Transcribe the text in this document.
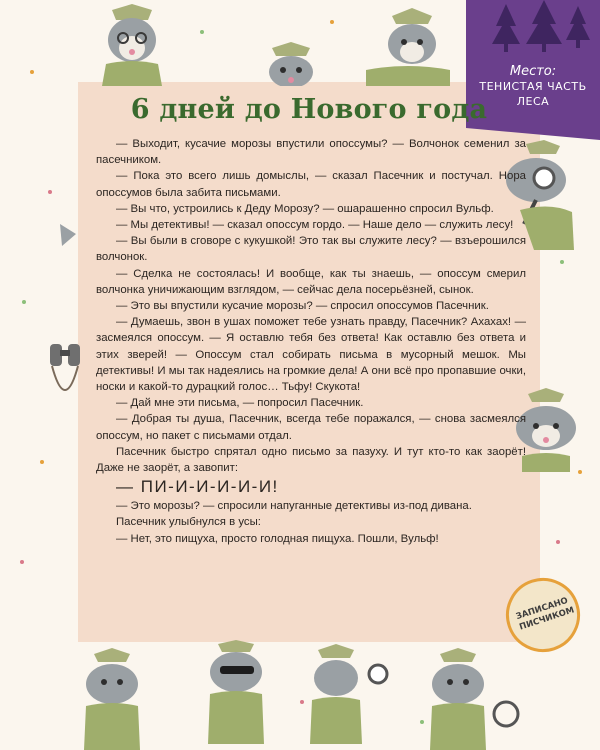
Место:
ТЕНИСТАЯ ЧАСТЬ ЛЕСА
6 дней до Нового года

— Выходит, кусачие морозы впустили опоссумы? — Волчонок семенил за пасечником.

— Пока это всего лишь домыслы, — сказал Пасечник и постучал. Нора опоссумов была забита письмами.

— Вы что, устроились к Деду Морозу? — ошарашенно спросил Вульф.

— Мы детективы! — сказал опоссум гордо. — Наше дело — служить лесу!

— Вы были в сговоре с кукушкой! Это так вы служите лесу? — взъерошился волчонок.

— Сделка не состоялась! И вообще, как ты знаешь, — опоссум смерил волчонка уничижающим взглядом, — сейчас дела посерьёзней, сынок.

— Это вы впустили кусачие морозы? — спросил опоссумов Пасечник.

— Думаешь, звон в ушах поможет тебе узнать правду, Пасечник? Ахахах! — засмеялся опоссум. — Я оставлю тебя без ответа! Как оставлю без ответа и этих зверей! — Опоссум стал собирать письма в мусорный мешок. Мы детективы! И мы так надеялись на громкие дела! А они всё про пропавшие очки, носки и какой-то дурацкий голос… Тьфу! Скукота!

— Дай мне эти письма, — попросил Пасечник.

— Добрая ты душа, Пасечник, всегда тебе поражался, — снова засмеялся опоссум, но пакет с письмами отдал.

Пасечник быстро спрятал одно письмо за пазуху. И тут кто-то как заорёт! Даже не заорёт, а завопит:

— ПИ-И-И-И-И-И!

— Это морозы? — спросили напуганные детективы из-под дивана.

Пасечник улыбнулся в усы:

— Нет, это пищуха, просто голодная пищуха. Пошли, Вульф!

ЗАПИСАНО ПИСЧИКОМ
